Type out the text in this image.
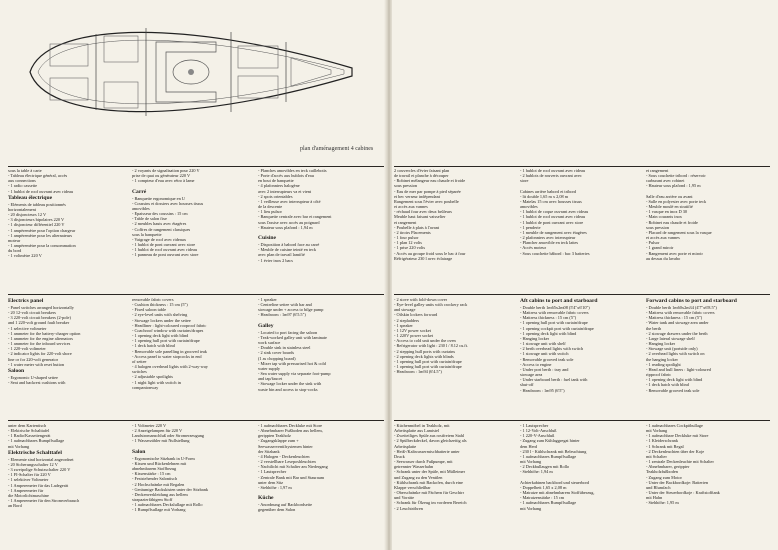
plan d'aménagement 4 cabines

sous la table à carte

- Tableau électrique général, accès

aux connections

- 1 radio cassette

- 1 hublot de roof ouvrant avec rideau

Tableau électrique

- Eléments de tableau positionnés

horizontalement

- 20 disjoncteurs 12 V

- 3 disjoncteurs bipolaires 220 V

- 1 disjoncteur différentiel 220 V

- 1 ampèremètre pour l'option chargeur

- 1 ampèremètre pour les alternateurs

moteur

- 1 ampèremètre pour la consommation

du bord

- 1 voltmètre 220 V

- 2 voyants de signalisation pour 220 V

prise de quai ou générateur 220 V

- 1 compteur d'eau avec rétro à lame

Carré

- Banquette ergonomique en U

- Coussins et dossiers avec housses tissus

amovibles

- Epaisseur des coussins : 15 cm

- Table de salon fixe

- 2 meubles hauts avec étagères

- Coffres de rangement classiques

sous la banquette

- Vaigrage de roof avec rideaux

- 1 hublot de pont ouvrant avec store

- 1 hublot de roof ouvrant avec rideau

- 1 panneau de pont ouvrant avec store

- Planches amovibles en teck caillebotis

- Porte d'accès aux hublots d'eau

en bout de banquette

- 4 plafonniers halogène

avec 2 interrupteurs va et vient

- 2 spots orientables

- 1 veilleuse avec interrupteur à côté

de la descente

- 1 lieu pulsor

- Banquette centrale avec bar et rangement

sous l'assise avec accès au poignard

- Hauteur sous plafond : 1,94 m

Cuisine

- Disposition à babord face au carré

- Meuble de cuisine teinté en teck

avec plan de travail lamifié

- 1 évier inox 2 bacs

Electrics panel

- Panel switches arranged horizontally

- 20 12-volt circuit breakers

- 3 220-volt circuit breakers (2-pole)

and 1 220-volt ground fault breaker

- 1 selective voltmeter

- 1 ammeter for the battery-charger option

- 1 ammeter for the engine alternators

- 1 ammeter for the inboard services

- 1 220-volt voltmeter

- 2 indicator lights for 220-volt shore

line or for 220-volt generator

- 1 water meter with reset button

Saloon

- Ergonomic U-shaped settee

- Seat and backrest cushions with

removable fabric covers

- Cushion thickness : 15 cm (5")

- Fixed saloon table

- 2 eye-level units with shelving

- Stowage lockers under the settee

- Headliner : light-coloured rooproof fabric

- Coachroof window with curtains/drapes

- 1 opening deck light with blind

- 1 opening hull port with curtain/drape

- 1 deck hatch with blind

- Removable sole panelling in grooved teak

- Access panel to water stopcocks in end

of settee

- 4 halogen overhead lights with 2-way-way

switches

- 2 adjustable spotlights

- 1 night light with switch in

companionway

- 1 speaker

- Centreline settee with bar and

stowage under + access to bilge pump

- Headroom : 1m97 (6'5.5")

Galley

- Located to port facing the saloon

- Teak-worked galley unit with laminate

work surface

- Double sink in stainless steel

- 2 sink cover boards

(1 as chopping board)

- Mixer tap with pressurised hot & cold

water supply

- Sea water supply via separate foot-pump

and tap/faucet

- Stowage locker under the sink with

waste bin and access to stop-cocks

unter dem Kartentisch

- Elektrische Schalttafel

- 1 Radio/Kassettengerät

- 1 aufmachbares Rumpffsullage

mit Vorhang

Elektrische Schalttafel

- Elemente sind horizontal angeordnet

- 20 Sicherungsschalter 12 V

- 3 zweipolige Schutzschalter 220 V

- 1 FI-Schalter für 220 V

- 1 selektiver Voltmeter

- 1 Amperemeter für das Ladegerät

- 1 Amperemeter für

die Motorlichtmaschine

- 1 Amperemeter für den Stromverbrauch

an Bord

- 1 Voltmeter 220 V

- 2 Anzeigelampen für 220 V

Landstromanschluß oder Stromerzeugung

- 1 Wasserzähler mit Nullstellung

Salon

- Ergonomische Sitzbank in U-Form

- Kissen und Rückenlehnen mit

abnehmbarem Stoffbezug

- Kissenstärke : 15 cm

- Feststehender Salontisch

- 2 Hochschränke mit Regalen

- Geräumige Backskisten unter der Sitzbank

- Deckenverkleidung aus hellem

strapazierfähigem Stoff

- 1 aufmachbares Deckslullage mit Rollo

- 1 Rumpffsullage mit Vorhang

- 1 aufmachbares Deckluke mit Store

- Abnehmbarer Fußboden aus hellem,

gerippten Teakholz

- Zugangsklappe zum +

Seewasserventilsystemen hinter

der Sitzbank

- 4 Halogen - Deckenleuchten

- 2 verstellbare Leseposhleuchten

- Nachtlicht mit Schalter am Niedergang

- 1 Lautsprecher

- Zentrale Bank mit Bar und Stauraum

unter dem Sitz

- Stehhöhe : 1,97 m

Küche

- Anordnung auf Backbordseite

gegenüber dem Salon

2 couvercles d'évier faisant plan

de travail et planche à découper

- Robinet mélangeur eau chaude et froide

sous pression

- Eau de mer par pompe à pied séparée

et bec verseur indépendant

Rangement sous l'évier avec poubelle

et accès aux vannes

- réchaud four avec deux brûleurs

Meuble haut faisant vaisselier

et rangement

- Poubelle à plats à l'avant

- 2 tiroirs Placements

- 1 four pulsor

- 1 plan 12 volts

- 1 prise 220 volts

- Accès au groupe froid sous le bac à four

Réfrigérateur 230 l avec éclairage

- 1 hublot de roof ouvrant avec rideau

- 2 hublots de rouverts ouvrant avec

store

Cabines arrière babord et tribord

- lit double 1,65 m x 2,08 m

- Matelas 15 cm avec housses tissus

amovibles

- 1 hublot de coque ouvrant avec rideau

- 1 hublot de roof ouvrant avec rideau

- 1 hublot de pont ouvrant avec store

- 1 penderie

- 1 meuble de rangement avec étagères

- 2 plafonniers avec interrupteur

- Plancher amovible en teck lattes

- Accès moteur

- Sous couchette bâbord : bac 3 batteries

et rangement

- Sous couchette tribord : réservoir

carburant avec robinet

- Hauteur sous plafond : 1,95 m

Salle d'eau arrière ou avant

- Salle en polyester avec porte teck

- Meuble moulé en stratifié

- 1 vasque en inox D 30

- Main courants inox

- Robinet eau chaude et froide

sous pression

- Placard de rangement sous la vasque

et accès aux vannes

- Pulsor

- 1 grand miroir

- Rangement avec porte et miroir

au dessus du lavabo

- 2 stove with fold-down cover

- Eye-level galley units with crockery rack

and stowage

- Oilskin lockers forward

- 2 stepladders

- 1 speaker

- 1 12V power socket

- 1 220V power socket

- Access to cold unit under the oven

- Refrigerator with light : 230 l / 8.12 cu.ft.

- 2 stepping hull ports with curtains

- 2 opening deck lights with blinds

- 1 opening hull port with curtain/drape

- 1 opening hull port with curtain/drape

- Headroom : 1m94 (6'4.5")

Aft cabins to port and starboard

- Double berth 1m65x2m08 (5'4"x6'10")

- Mattress with removable fabric covers

- Mattress thickness : 15 cm (5")

- 1 opening hull port with curtain/drape

- 1 opening cockpit port with curtain/drape

- 1 opening deck light with blind

- Hanging locker

- 1 stowage unit with shelf

- 2 berth overhead lights with switch

- 1 stowage unit with switch

- Removable grooved teak sole

- Access to engine

- Under port berth : tray and

stowage area

- Under starboard berth : fuel tank with

shut-off

- Headroom : 1m95 (6'5")

Forward cabins to port and starboard

- Double berth 1m60x2m34 (4'7"x6'8.5")

- Mattress with removable fabric covers

- Mattress thickness : 15 cm (5")

- Water tank and stowage area under

the berth

- 2 stowage drawers under the berth

- Large lateral stowage shelf

- Hanging locker

- Stowage unit (portside only)

- 2 overhead lights with switch on

the hanging locker

- 1 reading spotlight

- Head and hull liners : light-coloured

ripproof fabric

- 1 opening deck light with blind

- 1 deck hatch with blind

- Removable grooved teak sole

- Küchenmöbel in Teakholz, mit

Arbeitsplatte aus Lamistel

- Zweiteiliges Spüle aus rostfreiem Stahl

- 2 Spülbeckdeckel, davon gleichzeitig als

Arbeitsplatte

- Heiß-/Kaltwassermischbatterie unter

Druck

- Seewasser durch Fußpumpe, mit

getrennter Wasserhahn

- Schrank unter der Spüle, mit Mülleimer

und Zugang zu den Ventilen

- Kühlschrank mit Backofen, durch eine

Klappe verschließbar

- Oberschränke mit Fächern für Geschirr

und Vorräte

- Schrank für Ölzeug im vorderen Bereich

- 2 Leuchtröhren

- 1 Lautsprecher

- 1 12-Volt-Anschluß

- 1 220-V-Anschluß

- Zugang zum Kühlaggregat hinter

dem Herd

- 230 l - Kühlschrank mit Beleuchtung

- 1 aufmachbares Rumpffsullage

mit Vorhang

- 2 Deckbullaugen mit Rollo

- Stehhöhe: 1,94 m

Achterkabinen backbord und steuerbord

- Doppelbett 1,65 x 2,08 m

- Matratze mit abnehmbarem Stoffüberzug,

- Matratzenstärke : 15 cm

- 1 aufmachbares Rumpffsullage

mit Vorhang

- 1 aufmachbares Cockpitbullage

mit Vorhang

- 1 aufmachbare Deckluke mit Store

- 1 Kleiderschrank

- 1 Schrank mit Regal

- 2 Deckenleuchten über der Koje

mit Schalter

- 1 zentrale Deckenleuchte mit Schalter

- Abnehmbarer, gerippter

Teakholzfußboden

- Zugang zum Motor

- Unter der Backbordkoje: Batterien

und Blumfach

- Unter der Steuerbordkoje : Kraftstofftank

mit Hahn

- Stehhöhe: 1,95 m
